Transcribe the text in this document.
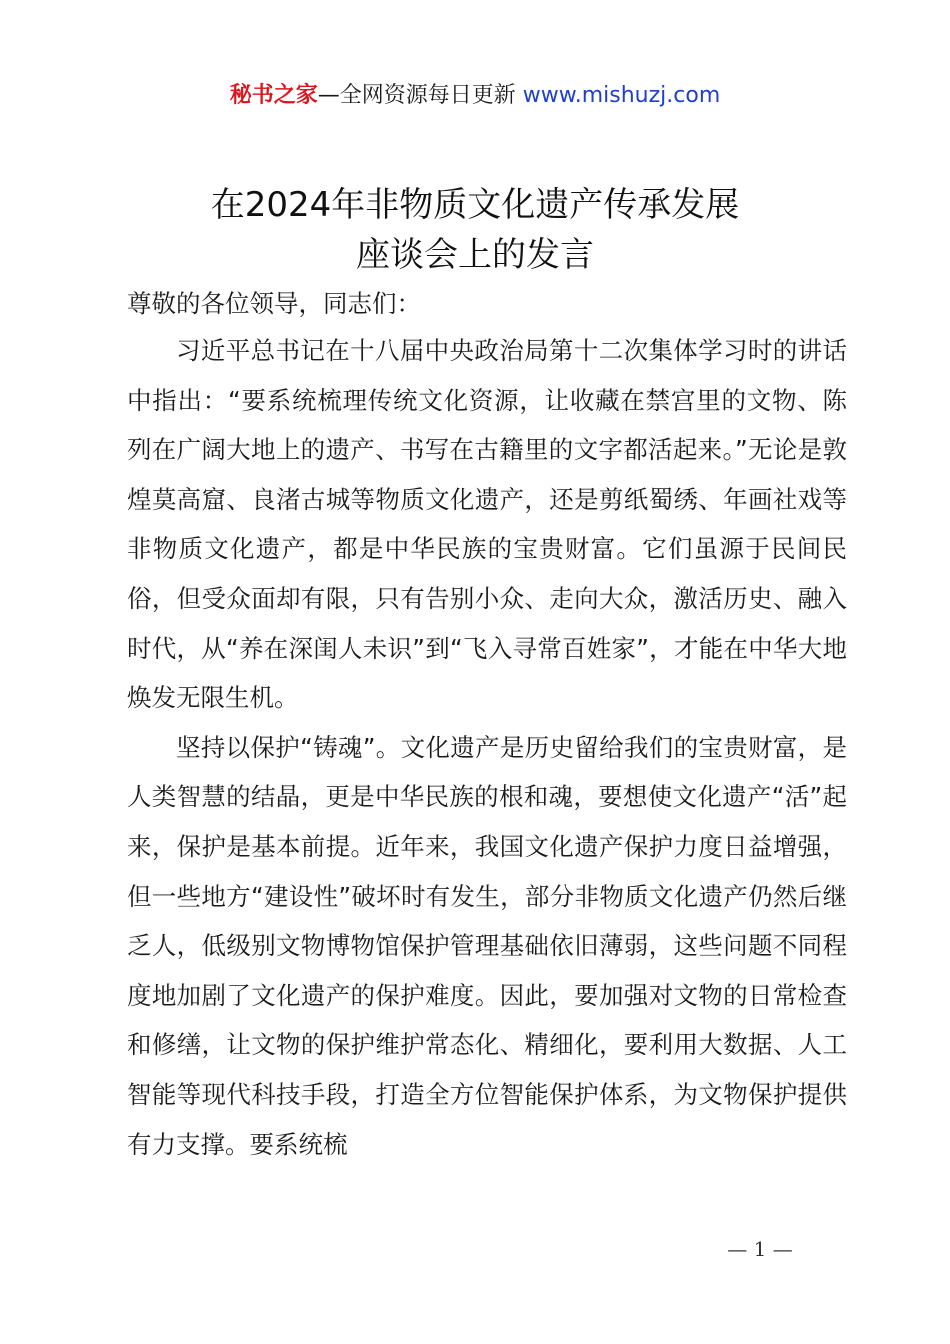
秘书之家—全网资源每日更新 www.mishuzj.com
在2024年非物质文化遗产传承发展
座谈会上的发言

尊敬的各位领导，同志们：

习近平总书记在十八届中央政治局第十二次集体学习时的讲话中指出：“要系统梳理传统文化资源，让收藏在禁宫里的文物、陈列在广阔大地上的遗产、书写在古籍里的文字都活起来。”无论是敦煌莫高窟、良渚古城等物质文化遗产，还是剪纸蜀绣、年画社戏等非物质文化遗产，都是中华民族的宝贵财富。它们虽源于民间民俗，但受众面却有限，只有告别小众、走向大众，激活历史、融入时代，从“养在深闺人未识”到“飞入寻常百姓家”，才能在中华大地焕发无限生机。

坚持以保护“铸魂”。文化遗产是历史留给我们的宝贵财富，是人类智慧的结晶，更是中华民族的根和魂，要想使文化遗产“活”起来，保护是基本前提。近年来，我国文化遗产保护力度日益增强，但一些地方“建设性”破坏时有发生，部分非物质文化遗产仍然后继乏人，低级别文物博物馆保护管理基础依旧薄弱，这些问题不同程度地加剧了文化遗产的保护难度。因此，要加强对文物的日常检查和修缮，让文物的保护维护常态化、精细化，要利用大数据、人工智能等现代科技手段，打造全方位智能保护体系，为文物保护提供有力支撑。要系统梳

— 1 —
